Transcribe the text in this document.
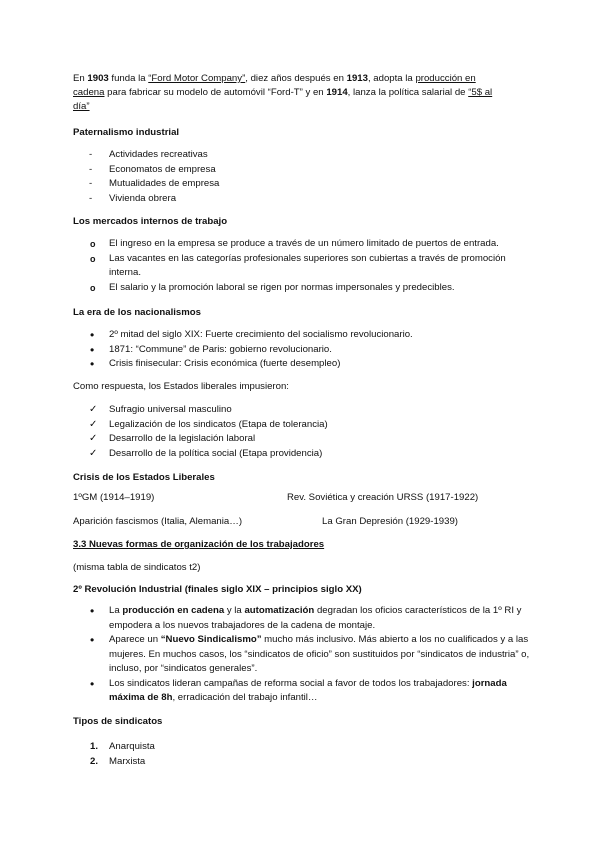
En 1903 funda la “Ford Motor Company”, diez años después en 1913, adopta la producción en
cadena para fabricar su modelo de automóvil “Ford-T” y en 1914, lanza la política salarial de “5$ al
día”
Paternalismo industrial
-	Actividades recreativas
-	Economatos de empresa
-	Mutualidades de empresa
-	Vivienda obrera
Los mercados internos de trabajo
o	El ingreso en la empresa se produce a través de un número limitado de puertos de entrada.
o	Las vacantes en las categorías profesionales superiores son cubiertas a través de promoción interna.
o	El salario y la promoción laboral se rigen por normas impersonales y predecibles.
La era de los nacionalismos
•	2º mitad del siglo XIX: Fuerte crecimiento del socialismo revolucionario.
•	1871: “Commune” de Paris: gobierno revolucionario.
•	Crisis finisecular: Crisis económica (fuerte desempleo)
Como respuesta, los Estados liberales impusieron:
✓	Sufragio universal masculino
✓	Legalización de los sindicatos (Etapa de tolerancia)
✓	Desarrollo de la legislación laboral
✓	Desarrollo de la política social (Etapa providencia)
Crisis de los Estados Liberales
1ºGM (1914–1919)	Rev. Soviética y creación URSS (1917-1922)
Aparición fascismos (Italia, Alemania…)	La Gran Depresión (1929-1939)
3.3 Nuevas formas de organización de los trabajadores
(misma tabla de sindicatos t2)
2º Revolución Industrial (finales siglo XIX – principios siglo XX)
•	La producción en cadena y la automatización degradan los oficios característicos de la 1º RI y empodera a los nuevos trabajadores de la cadena de montaje.
•	Aparece un “Nuevo Sindicalismo” mucho más inclusivo. Más abierto a los no cualificados y a las mujeres. En muchos casos, los “sindicatos de oficio” son sustituidos por “sindicatos de industria” o, incluso, por “sindicatos generales”.
•	Los sindicatos lideran campañas de reforma social a favor de todos los trabajadores: jornada máxima de 8h, erradicación del trabajo infantil…
Tipos de sindicatos
1.	Anarquista
2.	Marxista
